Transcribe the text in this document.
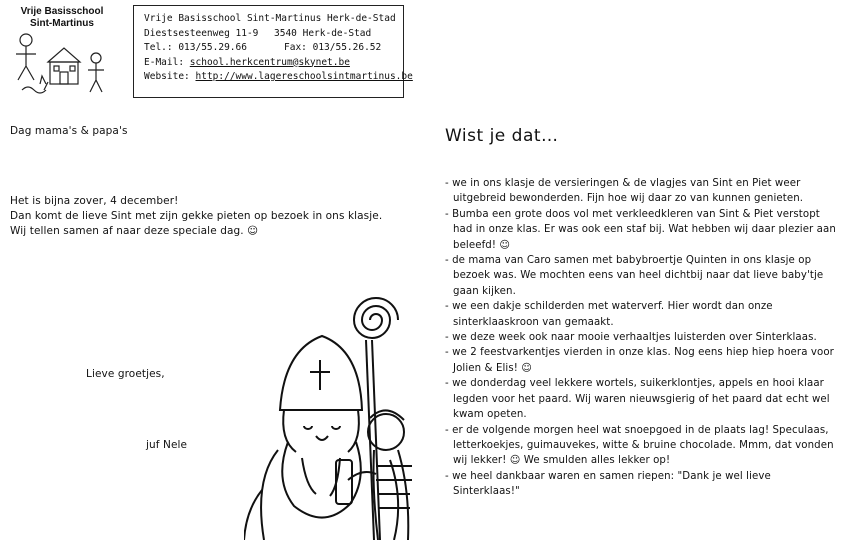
Vrije Basisschool
Sint-Martinus	Vrije Basisschool Sint-Martinus Herk-de-Stad
Diestsesteenweg 11-9	3540 Herk-de-Stad
Tel.: 013/55.29.66	Fax: 013/55.26.52
E-Mail:
school.herkcentrum@skynet.be
Website:
http://www.lagereschoolsintmartinus.be
Dag mama's & papa's
Het is bijna zover, 4 december!
Dan komt de lieve Sint met zijn gekke pieten op bezoek in ons klasje.
Wij tellen samen af naar deze speciale dag. ☺
Lieve groetjes,
juf Nele
Wist je dat…
- we in ons klasje de versieringen & de vlagjes van Sint en Piet weer uitgebreid bewonderden. Fijn hoe wij daar zo van kunnen genieten.
- Bumba een grote doos vol met verkleedkleren van Sint & Piet verstopt had in onze klas. Er was ook een staf bij. Wat hebben wij daar plezier aan beleefd! ☺
- de mama van Caro samen met babybroertje Quinten in ons klasje op bezoek was. We mochten eens van heel dichtbij naar dat lieve baby'tje gaan kijken.
- we een dakje schilderden met waterverf. Hier wordt dan onze sinterklaaskroon van gemaakt.
- we deze week ook naar mooie verhaaltjes luisterden over Sinterklaas.
- we 2 feestvarkentjes vierden in onze klas. Nog eens hiep hiep hoera voor Jolien & Elis! ☺
- we donderdag veel lekkere wortels, suikerklontjes, appels en hooi klaar legden voor het paard. Wij waren nieuwsgierig of het paard dat echt wel kwam opeten.
- er de volgende morgen heel wat snoepgoed in de plaats lag! Speculaas, letterkoekjes, guimauvekes, witte & bruine chocolade. Mmm, dat vonden wij lekker! ☺ We smulden alles lekker op!
- we heel dankbaar waren en samen riepen: "Dank je wel lieve Sinterklaas!"
